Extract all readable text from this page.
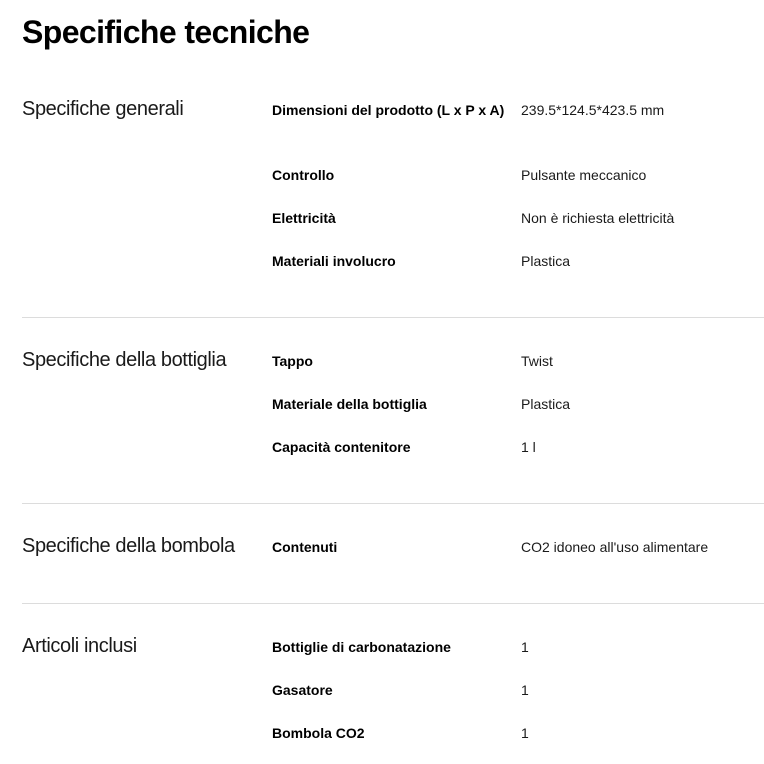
Specifiche tecniche
Specifiche generali	Dimensioni del prodotto (L x P x A)	239.5*124.5*423.5 mm
Controllo	Pulsante meccanico
Elettricità	Non è richiesta elettricità
Materiali involucro	Plastica
Specifiche della bottiglia	Tappo	Twist
Materiale della bottiglia	Plastica
Capacità contenitore	1 l
Specifiche della bombola	Contenuti	CO2 idoneo all'uso alimentare
Articoli inclusi	Bottiglie di carbonatazione	1
Gasatore	1
Bombola CO2	1
